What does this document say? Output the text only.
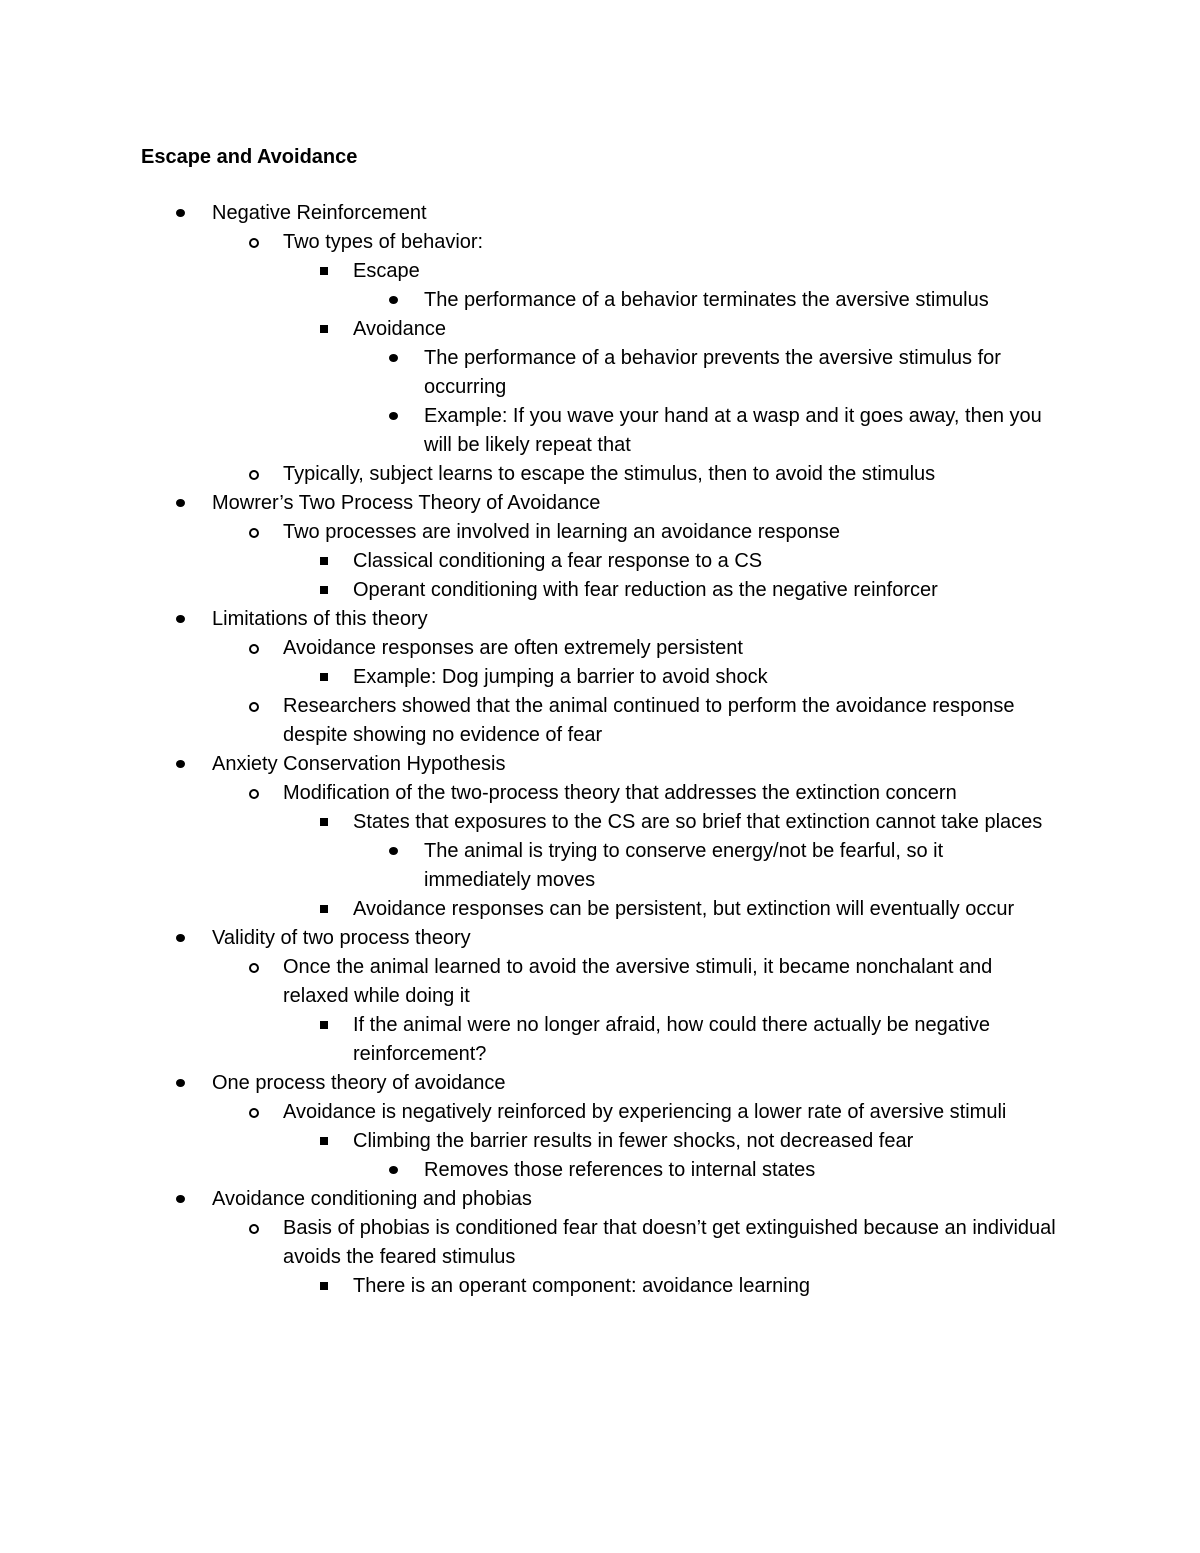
Escape and Avoidance
Negative Reinforcement
Two types of behavior:
Escape
The performance of a behavior terminates the aversive stimulus
Avoidance
The performance of a behavior prevents the aversive stimulus for occurring
Example: If you wave your hand at a wasp and it goes away, then you will be likely repeat that
Typically, subject learns to escape the stimulus, then to avoid the stimulus
Mowrer’s Two Process Theory of Avoidance
Two processes are involved in learning an avoidance response
Classical conditioning a fear response to a CS
Operant conditioning with fear reduction as the negative reinforcer
Limitations of this theory
Avoidance responses are often extremely persistent
Example: Dog jumping a barrier to avoid shock
Researchers showed that the animal continued to perform the avoidance response despite showing no evidence of fear
Anxiety Conservation Hypothesis
Modification of the two-process theory that addresses the extinction concern
States that exposures to the CS are so brief that extinction cannot take places
The animal is trying to conserve energy/not be fearful, so it immediately moves
Avoidance responses can be persistent, but extinction will eventually occur
Validity of two process theory
Once the animal learned to avoid the aversive stimuli, it became nonchalant and relaxed while doing it
If the animal were no longer afraid, how could there actually be negative reinforcement?
One process theory of avoidance
Avoidance is negatively reinforced by experiencing a lower rate of aversive stimuli
Climbing the barrier results in fewer shocks, not decreased fear
Removes those references to internal states
Avoidance conditioning and phobias
Basis of phobias is conditioned fear that doesn’t get extinguished because an individual avoids the feared stimulus
There is an operant component: avoidance learning
